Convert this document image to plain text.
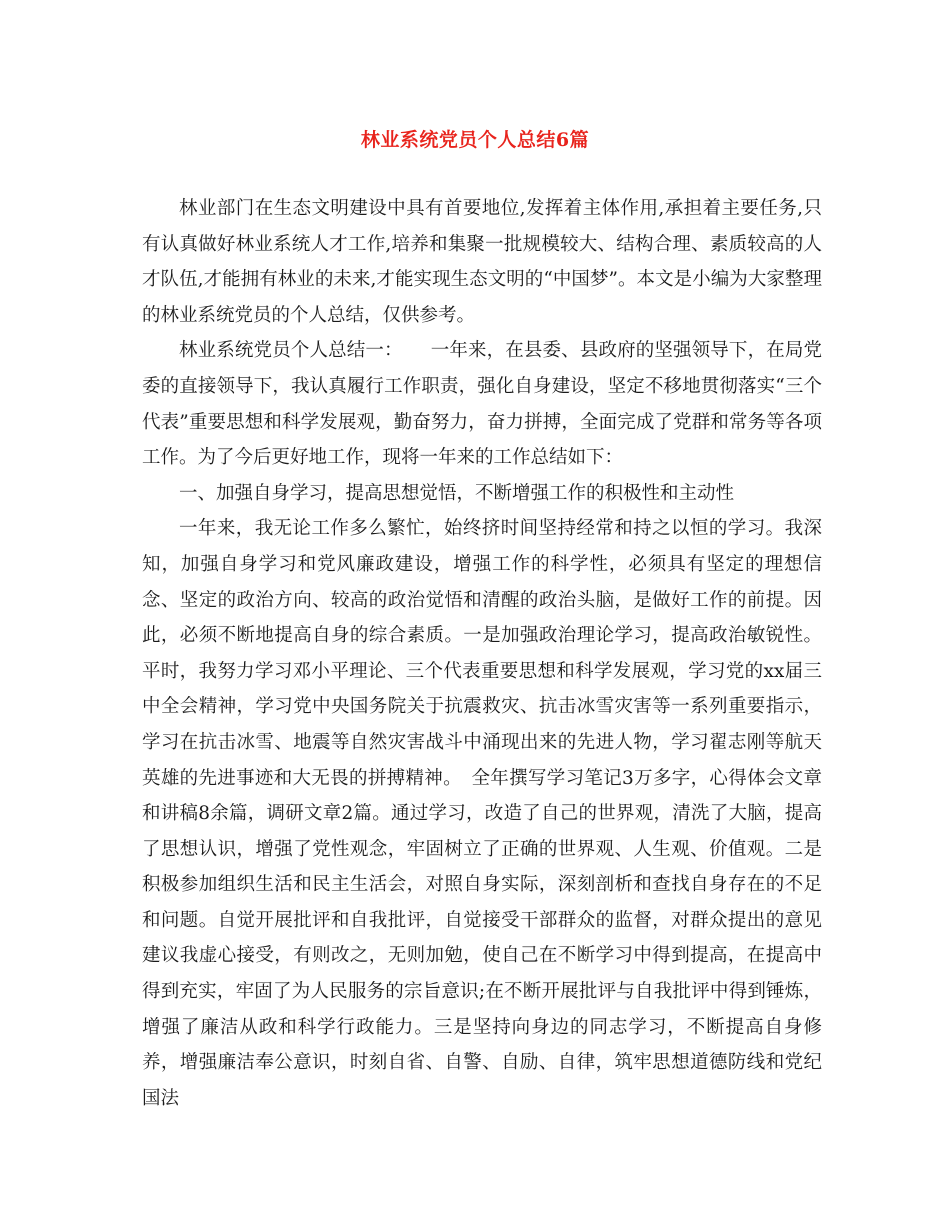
林业系统党员个人总结6篇

林业部门在生态文明建设中具有首要地位,发挥着主体作用,承担着主要任务,只有认真做好林业系统人才工作,培养和集聚一批规模较大、结构合理、素质较高的人才队伍,才能拥有林业的未来,才能实现生态文明的“中国梦”。本文是小编为大家整理的林业系统党员的个人总结，仅供参考。

林业系统党员个人总结一：　　一年来，在县委、县政府的坚强领导下，在局党委的直接领导下，我认真履行工作职责，强化自身建设，坚定不移地贯彻落实“三个代表”重要思想和科学发展观，勤奋努力，奋力拼搏，全面完成了党群和常务等各项工作。为了今后更好地工作，现将一年来的工作总结如下：

一、加强自身学习，提高思想觉悟，不断增强工作的积极性和主动性

一年来，我无论工作多么繁忙，始终挤时间坚持经常和持之以恒的学习。我深知，加强自身学习和党风廉政建设，增强工作的科学性，必须具有坚定的理想信念、坚定的政治方向、较高的政治觉悟和清醒的政治头脑，是做好工作的前提。因此，必须不断地提高自身的综合素质。一是加强政治理论学习，提高政治敏锐性。平时，我努力学习邓小平理论、三个代表重要思想和科学发展观，学习党的xx届三中全会精神，学习党中央国务院关于抗震救灾、抗击冰雪灾害等一系列重要指示，学习在抗击冰雪、地震等自然灾害战斗中涌现出来的先进人物，学习翟志刚等航天英雄的先进事迹和大无畏的拼搏精神。　全年撰写学习笔记3万多字，心得体会文章和讲稿8余篇，调研文章2篇。通过学习，改造了自己的世界观，清洗了大脑，提高了思想认识，增强了党性观念，牢固树立了正确的世界观、人生观、价值观。二是积极参加组织生活和民主生活会，对照自身实际，深刻剖析和查找自身存在的不足和问题。自觉开展批评和自我批评，自觉接受干部群众的监督，对群众提出的意见建议我虚心接受，有则改之，无则加勉，使自己在不断学习中得到提高，在提高中得到充实，牢固了为人民服务的宗旨意识;在不断开展批评与自我批评中得到锤炼，增强了廉洁从政和科学行政能力。三是坚持向身边的同志学习，不断提高自身修养，增强廉洁奉公意识，时刻自省、自警、自励、自律，筑牢思想道德防线和党纪国法
